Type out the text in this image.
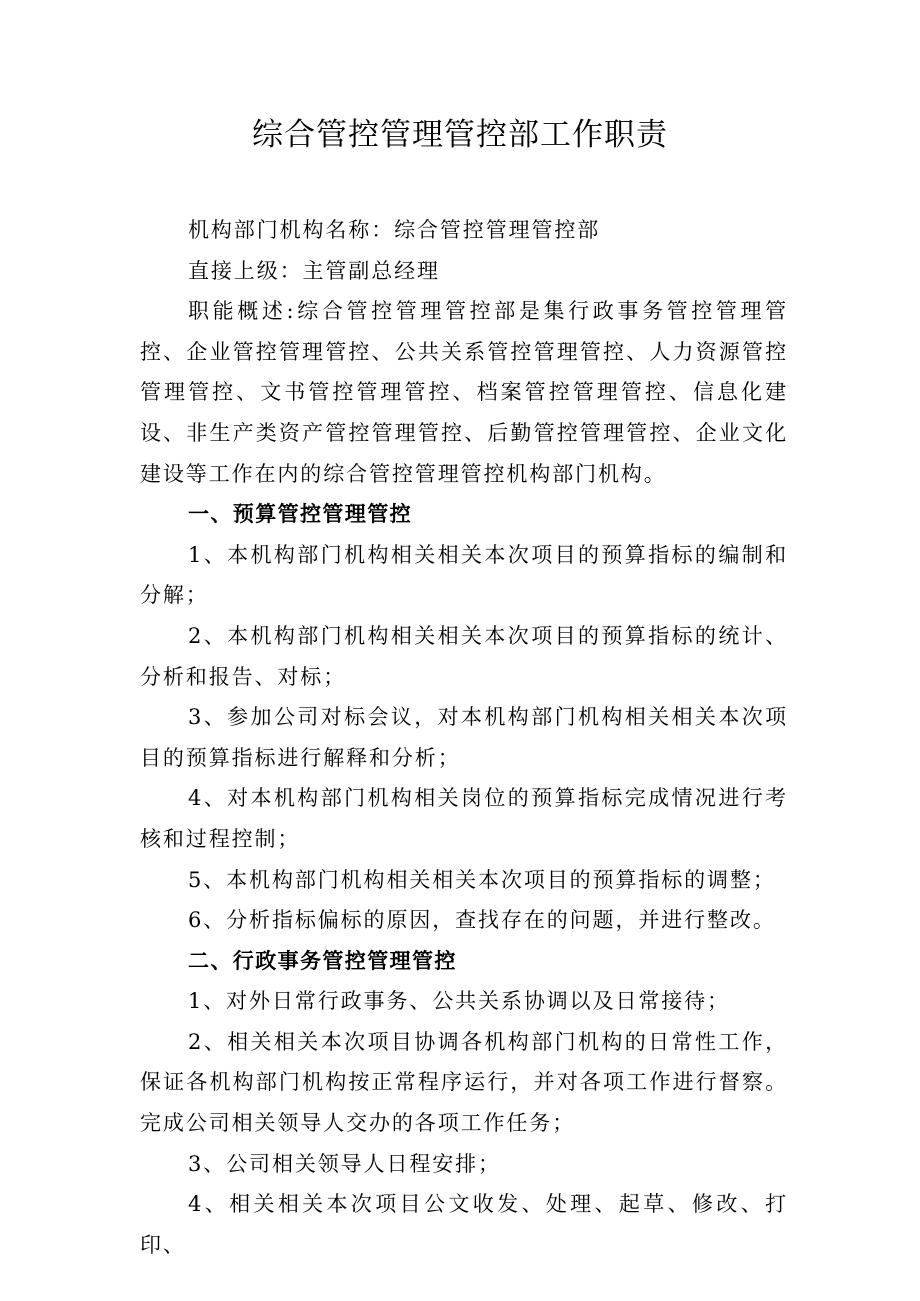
综合管控管理管控部工作职责

机构部门机构名称：综合管控管理管控部

直接上级：主管副总经理

职能概述:综合管控管理管控部是集行政事务管控管理管控、企业管控管理管控、公共关系管控管理管控、人力资源管控管理管控、文书管控管理管控、档案管控管理管控、信息化建设、非生产类资产管控管理管控、后勤管控管理管控、企业文化建设等工作在内的综合管控管理管控机构部门机构。

一、预算管控管理管控

1、本机构部门机构相关相关本次项目的预算指标的编制和分解；

2、本机构部门机构相关相关本次项目的预算指标的统计、分析和报告、对标；

3、参加公司对标会议，对本机构部门机构相关相关本次项目的预算指标进行解释和分析；

4、对本机构部门机构相关岗位的预算指标完成情况进行考核和过程控制；

5、本机构部门机构相关相关本次项目的预算指标的调整；

6、分析指标偏标的原因，查找存在的问题，并进行整改。

二、行政事务管控管理管控

1、对外日常行政事务、公共关系协调以及日常接待；

2、相关相关本次项目协调各机构部门机构的日常性工作，保证各机构部门机构按正常程序运行，并对各项工作进行督察。完成公司相关领导人交办的各项工作任务；

3、公司相关领导人日程安排；

4、相关相关本次项目公文收发、处理、起草、修改、打印、
